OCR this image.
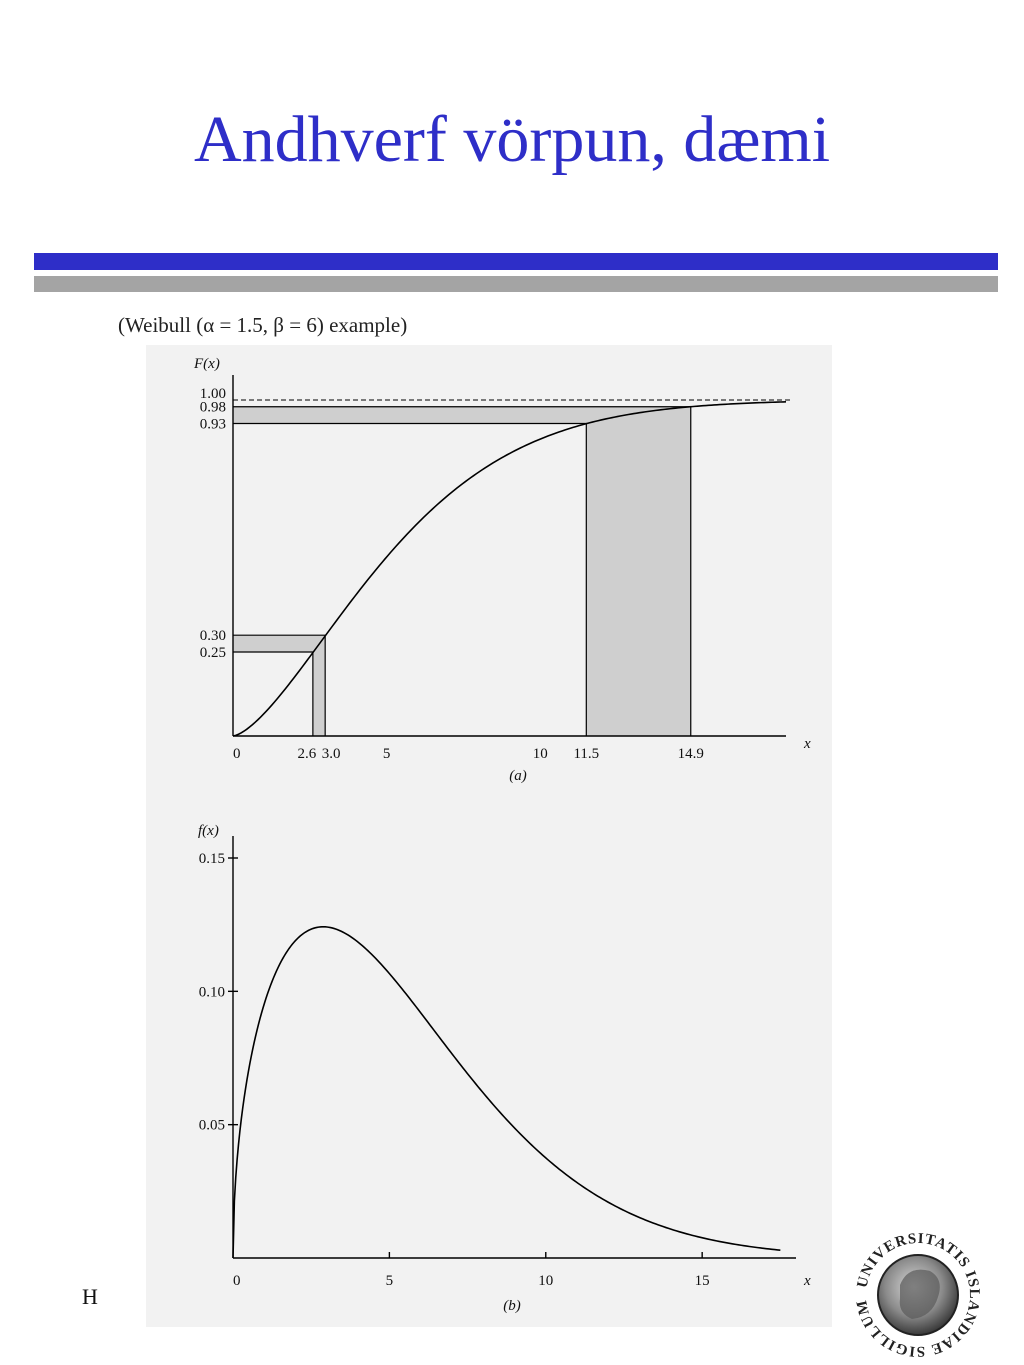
Andhverf vörpun, dæmi
(Weibull (α = 1.5, β = 6) example)
0	2.6 3.0	5	10 11.5	14.9
0.25
0.30
0.93
0.98
1.00
F(x)
x
(a)
0.05
0.10
0.15
0	5	10	15
f(x)
x
(b)
H
UNIVERSITATIS ISLANDIAE SIGILLUM
